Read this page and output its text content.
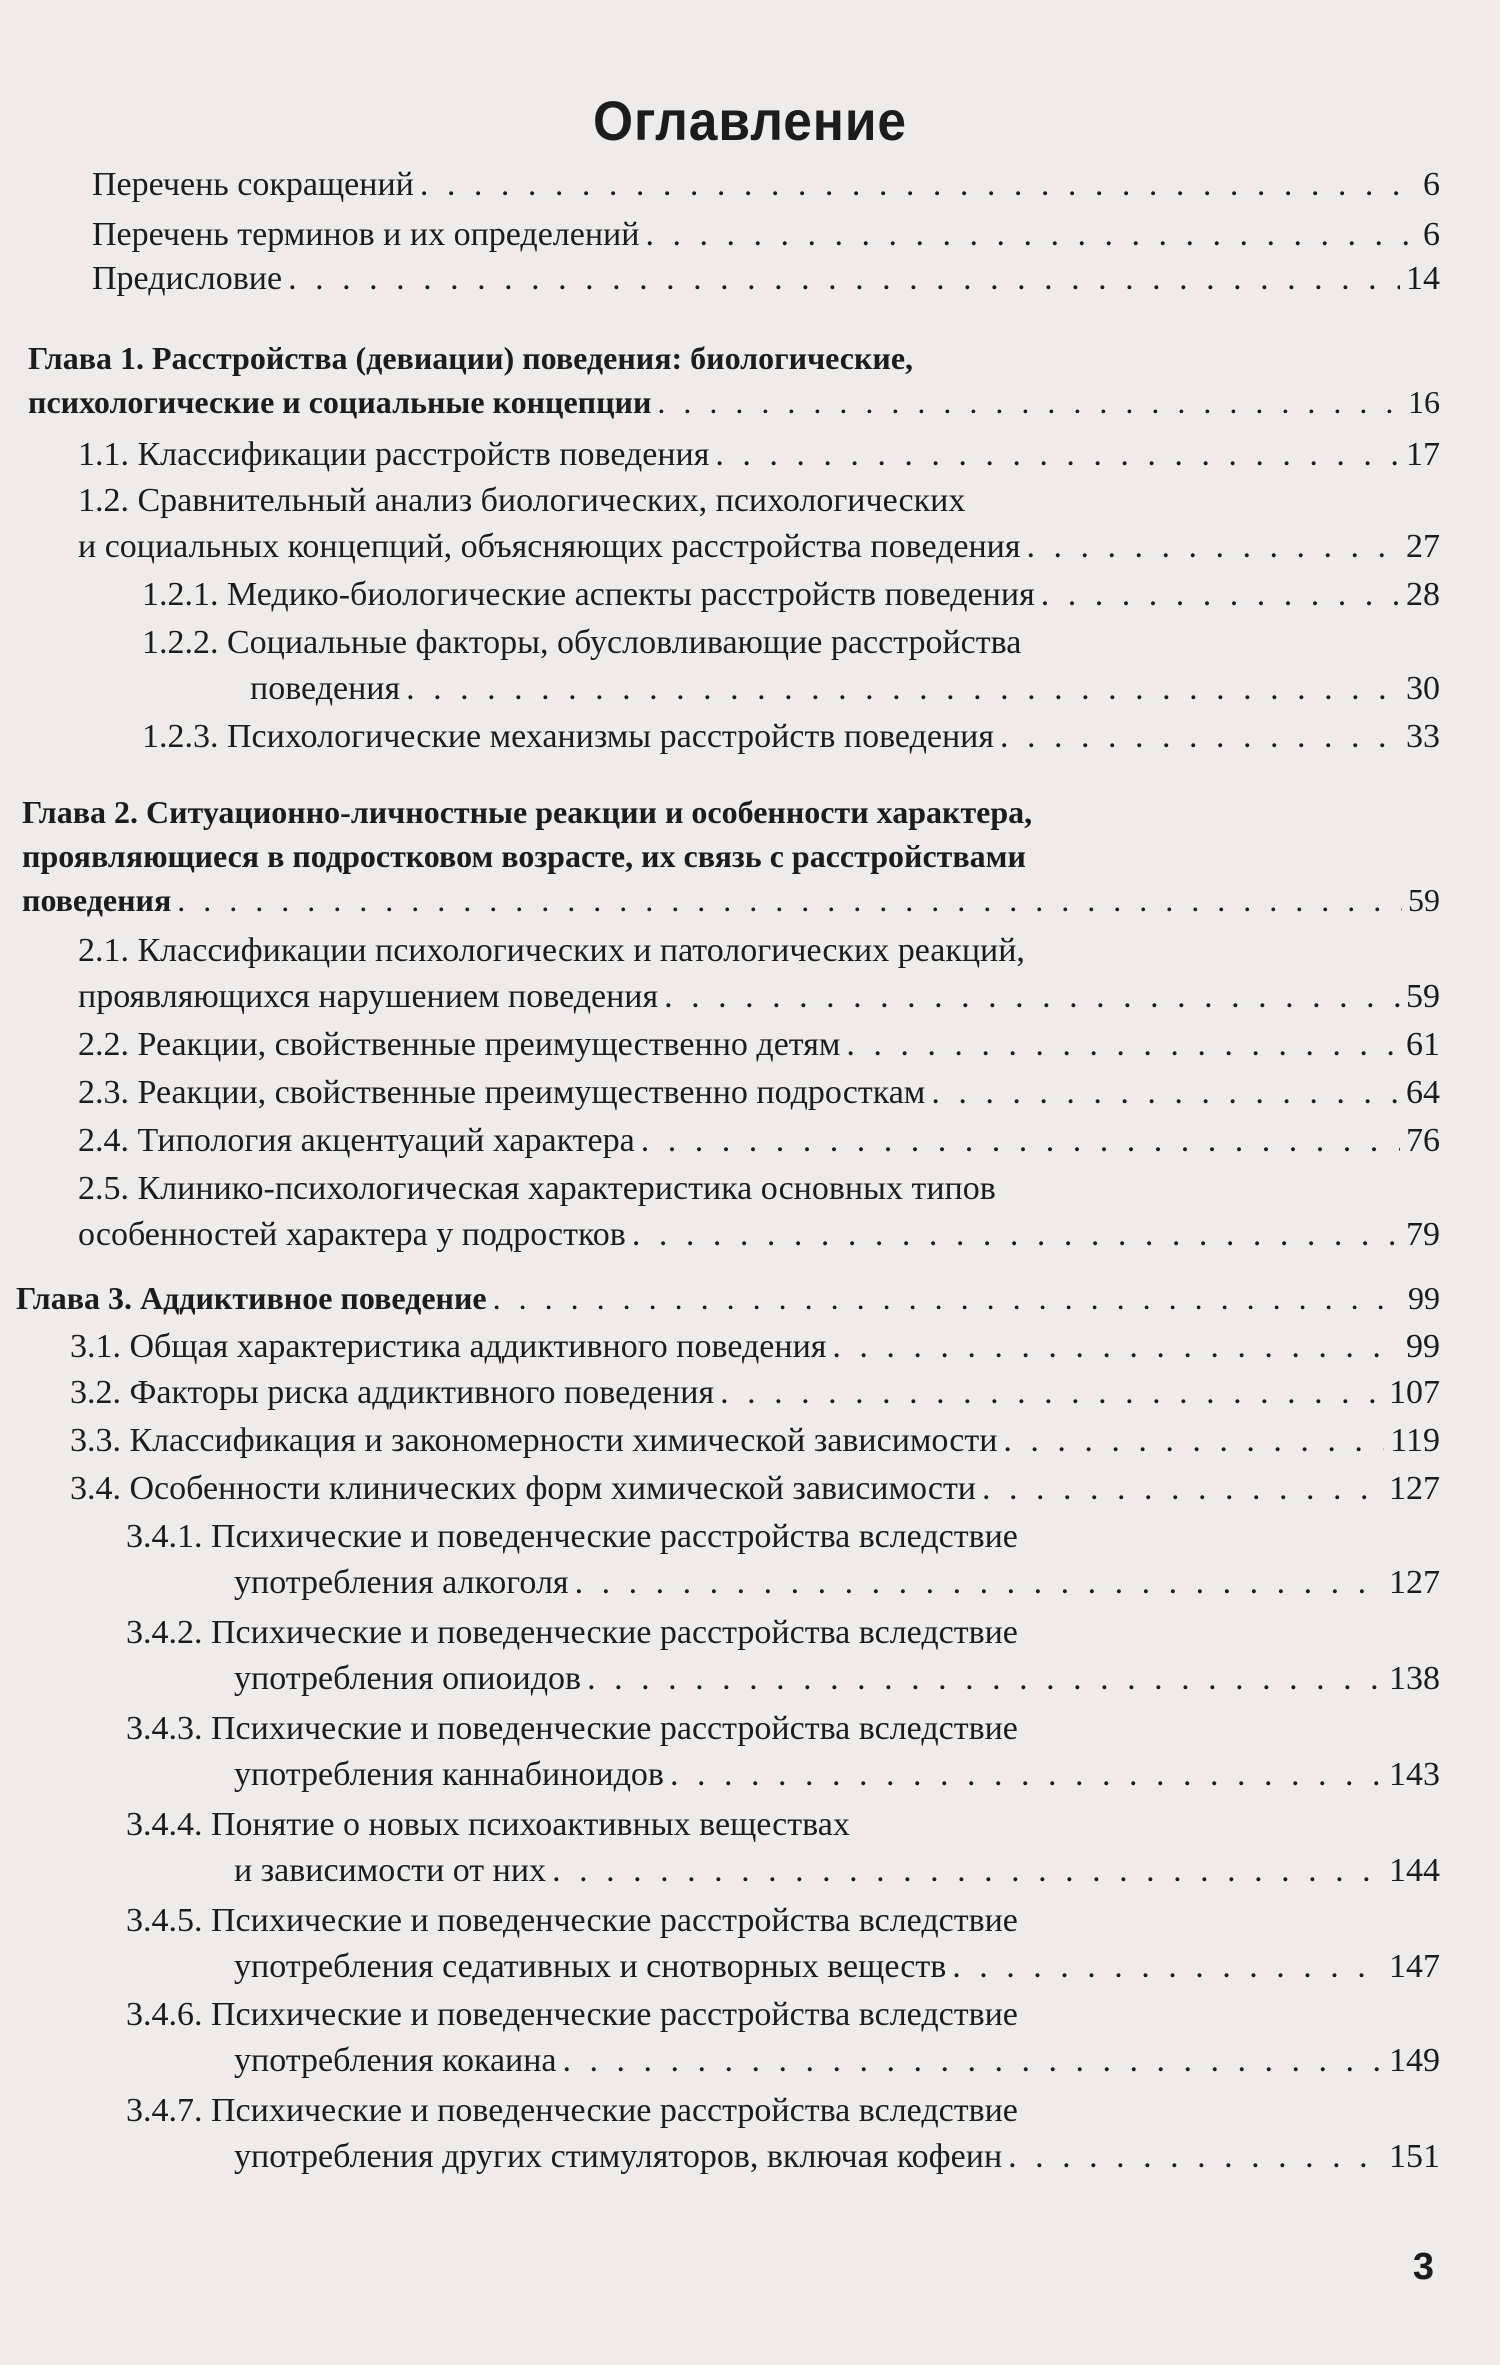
Оглавление
Перечень сокращений . . .	6
Перечень терминов и их определений . . .	6
Предисловие . . .	14
Глава 1. Расстройства (девиации) поведения: биологические,
психологические и социальные концепции . . .	16
1.1. Классификации расстройств поведения . . .	17
1.2. Сравнительный анализ биологических, психологических
и социальных концепций, объясняющих расстройства поведения . . .	27
1.2.1. Медико-биологические аспекты расстройств поведения . . .	28
1.2.2. Социальные факторы, обусловливающие расстройства
поведения . . .	30
1.2.3. Психологические механизмы расстройств поведения . . .	33
Глава 2. Ситуационно-личностные реакции и особенности характера,
проявляющиеся в подростковом возрасте, их связь с расстройствами
поведения . . .	59
2.1. Классификации психологических и патологических реакций,
проявляющихся нарушением поведения . . .	59
2.2. Реакции, свойственные преимущественно детям . . .	61
2.3. Реакции, свойственные преимущественно подросткам . . .	64
2.4. Типология акцентуаций характера . . .	76
2.5. Клинико-психологическая характеристика основных типов
особенностей характера у подростков . . .	79
Глава 3. Аддиктивное поведение . . .	99
3.1. Общая характеристика аддиктивного поведения . . .	99
3.2. Факторы риска аддиктивного поведения . . .	107
3.3. Классификация и закономерности химической зависимости . . .	119
3.4. Особенности клинических форм химической зависимости . . .	127
3.4.1. Психические и поведенческие расстройства вследствие
употребления алкоголя . . .	127
3.4.2. Психические и поведенческие расстройства вследствие
употребления опиоидов . . .	138
3.4.3. Психические и поведенческие расстройства вследствие
употребления каннабиноидов . . .	143
3.4.4. Понятие о новых психоактивных веществах
и зависимости от них . . .	144
3.4.5. Психические и поведенческие расстройства вследствие
употребления седативных и снотворных веществ . . .	147
3.4.6. Психические и поведенческие расстройства вследствие
употребления кокаина . . .	149
3.4.7. Психические и поведенческие расстройства вследствие
употребления других стимуляторов, включая кофеин . . .	151
3
